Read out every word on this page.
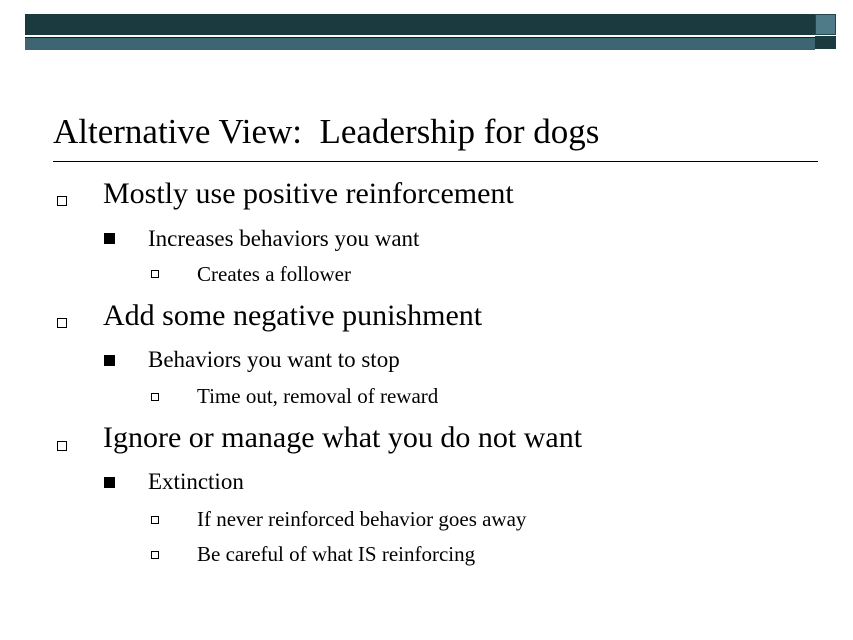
Alternative View:  Leadership for dogs
Mostly use positive reinforcement
Increases behaviors you want
Creates a follower
Add some negative punishment
Behaviors you want to stop
Time out, removal of reward
Ignore or manage what you do not want
Extinction
If never reinforced behavior goes away
Be careful of what IS reinforcing
